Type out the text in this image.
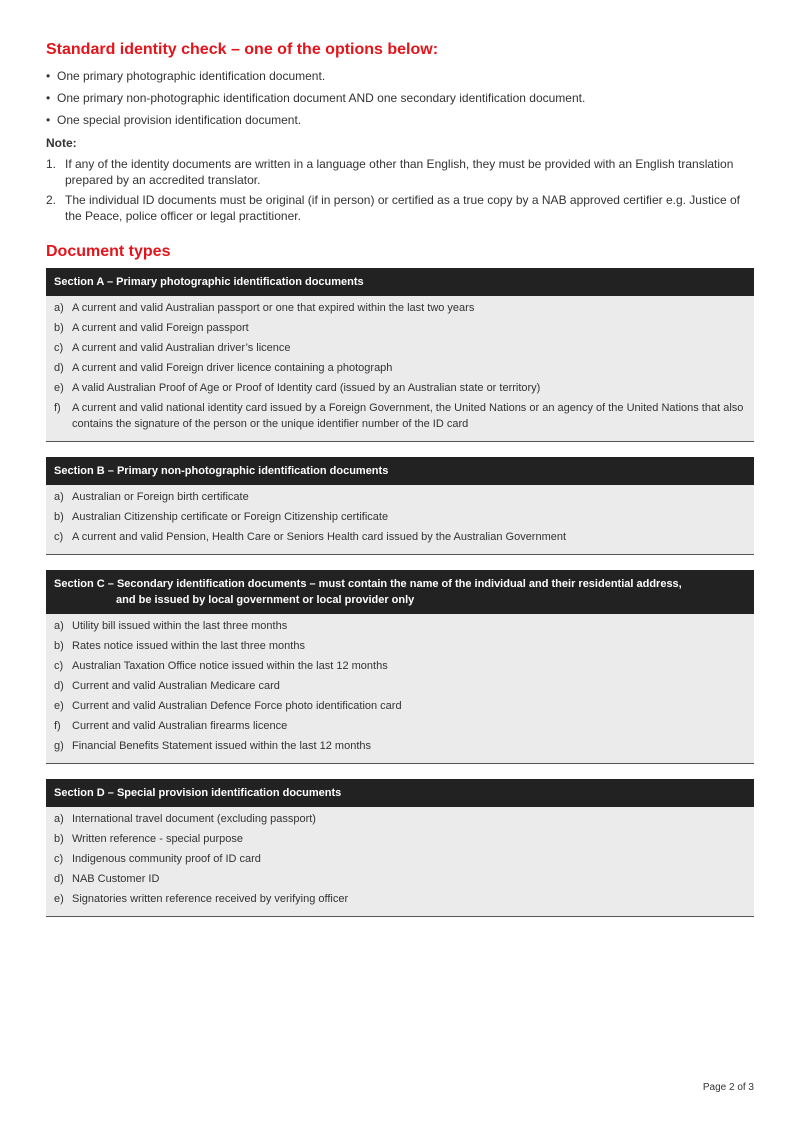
Standard identity check – one of the options below:
• One primary photographic identification document.
• One primary non-photographic identification document AND one secondary identification document.
• One special provision identification document.
Note:
1. If any of the identity documents are written in a language other than English, they must be provided with an English translation prepared by an accredited translator.
2. The individual ID documents must be original (if in person) or certified as a true copy by a NAB approved certifier e.g. Justice of the Peace, police officer or legal practitioner.
Document types
Section A – Primary photographic identification documents
a) A current and valid Australian passport or one that expired within the last two years
b) A current and valid Foreign passport
c) A current and valid Australian driver’s licence
d) A current and valid Foreign driver licence containing a photograph
e) A valid Australian Proof of Age or Proof of Identity card (issued by an Australian state or territory)
f) A current and valid national identity card issued by a Foreign Government, the United Nations or an agency of the United Nations that also contains the signature of the person or the unique identifier number of the ID card
Section B – Primary non-photographic identification documents
a) Australian or Foreign birth certificate
b) Australian Citizenship certificate or Foreign Citizenship certificate
c) A current and valid Pension, Health Care or Seniors Health card issued by the Australian Government
Section C – Secondary identification documents – must contain the name of the individual and their residential address,
and be issued by local government or local provider only
a) Utility bill issued within the last three months
b) Rates notice issued within the last three months
c) Australian Taxation Office notice issued within the last 12 months
d) Current and valid Australian Medicare card
e) Current and valid Australian Defence Force photo identification card
f) Current and valid Australian firearms licence
g) Financial Benefits Statement issued within the last 12 months
Section D – Special provision identification documents
a) International travel document (excluding passport)
b) Written reference - special purpose
c) Indigenous community proof of ID card
d) NAB Customer ID
e) Signatories written reference received by verifying officer
Page 2 of 3
